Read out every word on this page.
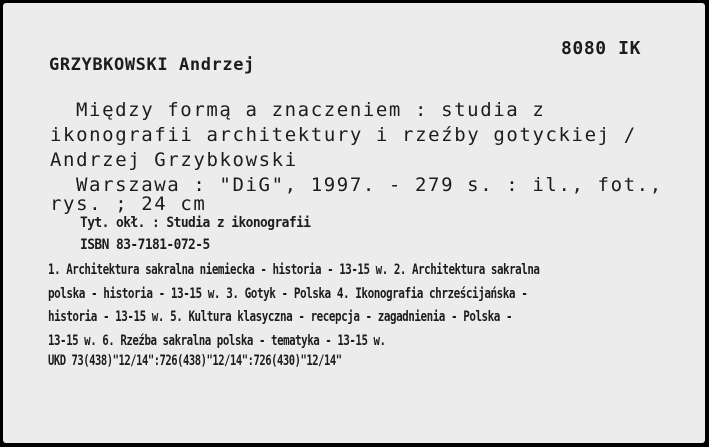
8080 IK
GRZYBKOWSKI Andrzej
Między formą a znaczeniem : studia z
ikonografii architektury i rzeźby gotyckiej /
Andrzej Grzybkowski
Warszawa : "DiG", 1997. - 279 s. : il., fot.,
rys. ; 24 cm
Tyt. okł. : Studia z ikonografii
ISBN 83-7181-072-5
1. Architektura sakralna niemiecka - historia - 13-15 w. 2. Architektura sakralna
polska - historia - 13-15 w. 3. Gotyk - Polska 4. Ikonografia chrześcijańska -
historia - 13-15 w. 5. Kultura klasyczna - recepcja - zagadnienia - Polska -
13-15 w. 6. Rzeźba sakralna polska - tematyka - 13-15 w.
UKD 73(438)"12/14":726(438)"12/14":726(430)"12/14"
